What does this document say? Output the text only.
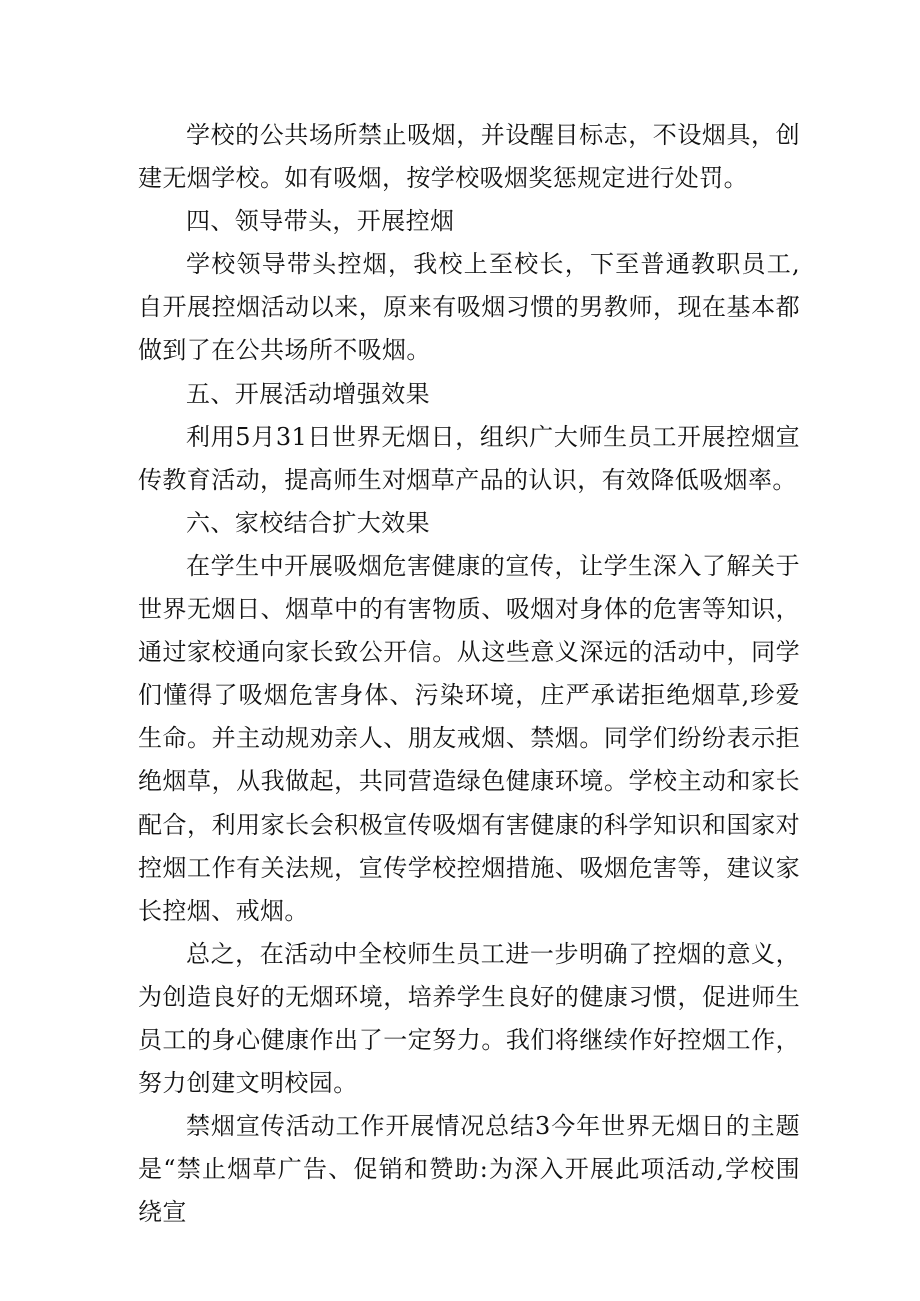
学校的公共场所禁止吸烟，并设醒目标志，不设烟具，创建无烟学校。如有吸烟，按学校吸烟奖惩规定进行处罚。

四、领导带头，开展控烟

学校领导带头控烟，我校上至校长，下至普通教职员工,自开展控烟活动以来，原来有吸烟习惯的男教师，现在基本都做到了在公共场所不吸烟。

五、开展活动增强效果

利用5月31日世界无烟日，组织广大师生员工开展控烟宣传教育活动，提高师生对烟草产品的认识，有效降低吸烟率。

六、家校结合扩大效果

在学生中开展吸烟危害健康的宣传，让学生深入了解关于世界无烟日、烟草中的有害物质、吸烟对身体的危害等知识，通过家校通向家长致公开信。从这些意义深远的活动中，同学们懂得了吸烟危害身体、污染环境，庄严承诺拒绝烟草,珍爱生命。并主动规劝亲人、朋友戒烟、禁烟。同学们纷纷表示拒绝烟草，从我做起，共同营造绿色健康环境。学校主动和家长配合，利用家长会积极宣传吸烟有害健康的科学知识和国家对控烟工作有关法规，宣传学校控烟措施、吸烟危害等，建议家长控烟、戒烟。

总之，在活动中全校师生员工进一步明确了控烟的意义，为创造良好的无烟环境，培养学生良好的健康习惯，促进师生员工的身心健康作出了一定努力。我们将继续作好控烟工作，努力创建文明校园。

禁烟宣传活动工作开展情况总结3今年世界无烟日的主题是“禁止烟草广告、促销和赞助:为深入开展此项活动,学校围绕宣
